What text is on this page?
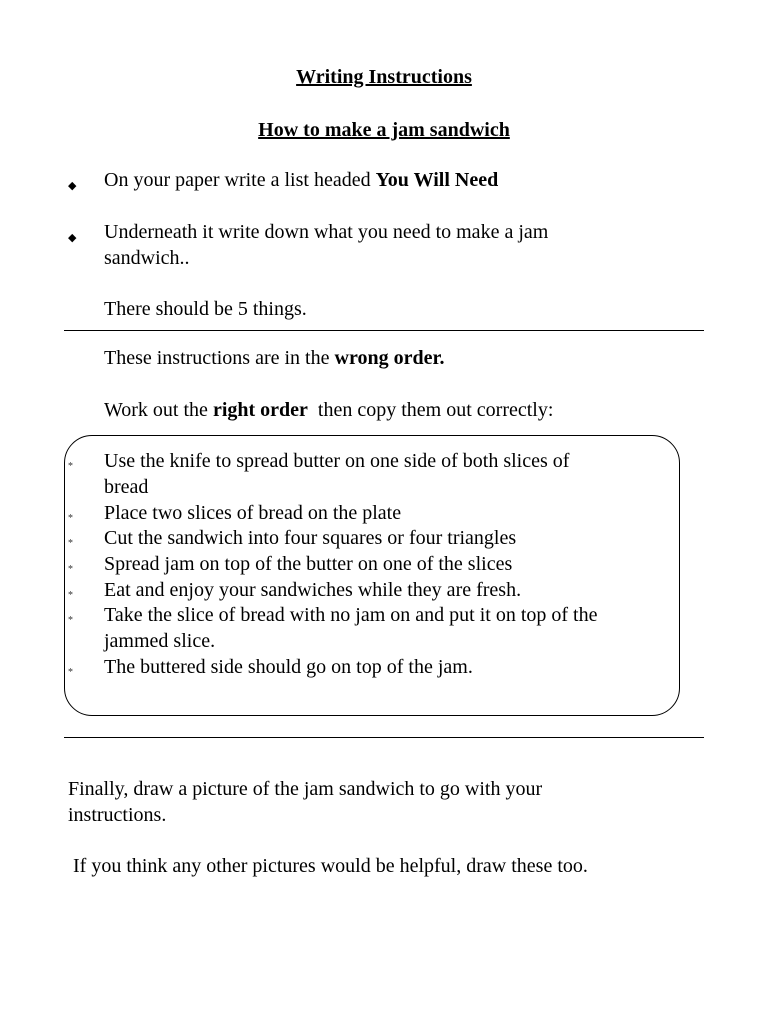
Writing Instructions
How to make a jam sandwich
◆ On your paper write a list headed You Will Need
◆ Underneath it write down what you need to make a jam
sandwich..
There should be 5 things.
These instructions are in the wrong order.
Work out the right order  then copy them out correctly:
* Use the knife to spread butter on one side of both slices of
bread
* Place two slices of bread on the plate
* Cut the sandwich into four squares or four triangles
* Spread jam on top of the butter on one of the slices
* Eat and enjoy your sandwiches while they are fresh.
* Take the slice of bread with no jam on and put it on top of the
jammed slice.
* The buttered side should go on top of the jam.
Finally, draw a picture of the jam sandwich to go with your
instructions.
If you think any other pictures would be helpful, draw these too.
